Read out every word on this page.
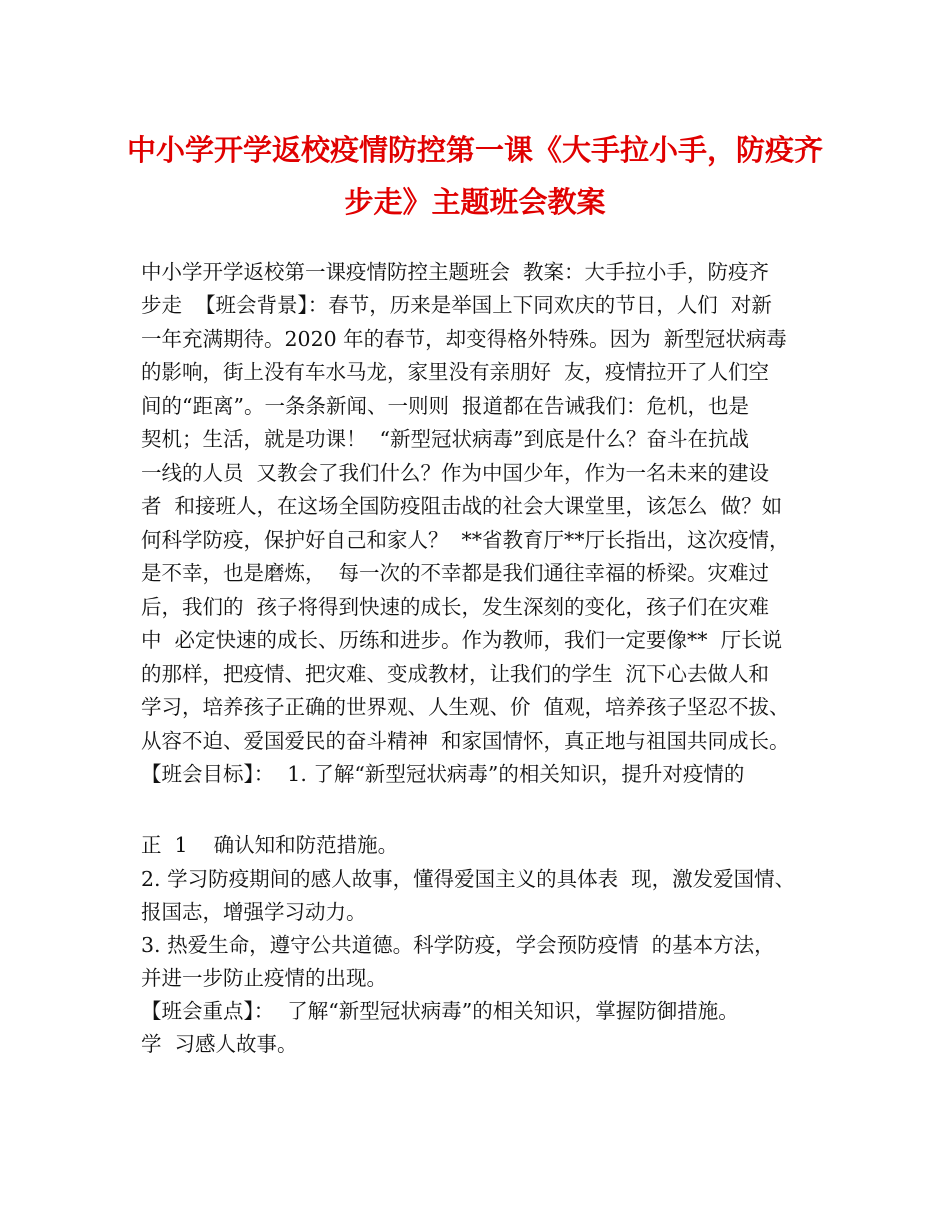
中小学开学返校疫情防控第一课《大手拉小手，防疫齐
步走》主题班会教案
中小学开学返校第一课疫情防控主题班会  教案：大手拉小手，防疫齐
步走  【班会背景】：春节，历来是举国上下同欢庆的节日，人们  对新
一年充满期待。2020 年的春节，却变得格外特殊。因为  新型冠状病毒
的影响，街上没有车水马龙，家里没有亲朋好  友，疫情拉开了人们空
间的“距离”。一条条新闻、一则则  报道都在告诫我们：危机，也是
契机；生活，就是功课！  “新型冠状病毒”到底是什么？奋斗在抗战
一线的人员  又教会了我们什么？作为中国少年，作为一名未来的建设
者  和接班人，在这场全国防疫阻击战的社会大课堂里，该怎么  做？如
何科学防疫，保护好自己和家人？  **省教育厅**厅长指出，这次疫情，
是不幸，也是磨炼，  每一次的不幸都是我们通往幸福的桥梁。灾难过
后，我们的  孩子将得到快速的成长，发生深刻的变化，孩子们在灾难
中  必定快速的成长、历练和进步。作为教师，我们一定要像**  厅长说
的那样，把疫情、把灾难、变成教材，让我们的学生  沉下心去做人和
学习，培养孩子正确的世界观、人生观、价  值观，培养孩子坚忍不拔、
从容不迫、爱国爱民的奋斗精神  和家国情怀，真正地与祖国共同成长。
【班会目标】：  1. 了解“新型冠状病毒”的相关知识，提升对疫情的
正  1    确认知和防范措施。
2. 学习防疫期间的感人故事，懂得爱国主义的具体表  现，激发爱国情、
报国志，增强学习动力。
3. 热爱生命，遵守公共道德。科学防疫，学会预防疫情  的基本方法，
并进一步防止疫情的出现。
【班会重点】：  了解“新型冠状病毒”的相关知识，掌握防御措施。
学  习感人故事。
